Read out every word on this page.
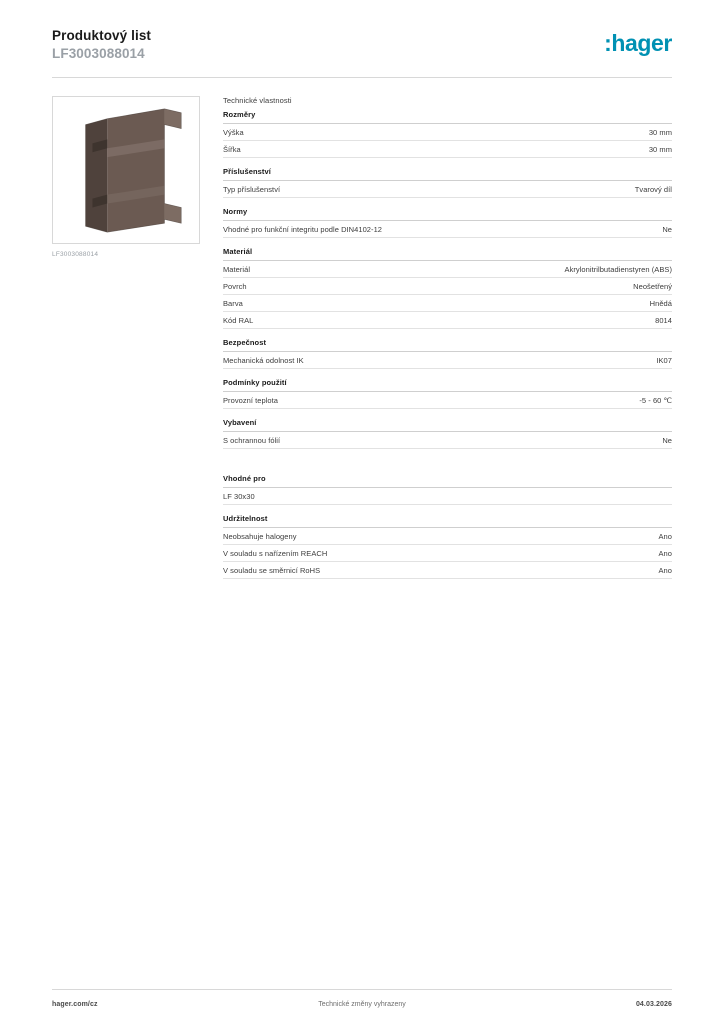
Produktový list
LF3003088014	:hager
LF3003088014
Technické vlastnosti
Rozměry
Výška	30 mm
Šířka	30 mm
Příslušenství
Typ příslušenství	Tvarový díl
Normy
Vhodné pro funkční integritu podle DIN4102-12	Ne
Materiál
Materiál	Akrylonitrilbutadienstyren (ABS)
Povrch	Neošetřený
Barva	Hnědá
Kód RAL	8014
Bezpečnost
Mechanická odolnost IK	IK07
Podmínky použití
Provozní teplota	-5 - 60 ℃
Vybavení
S ochrannou fólií	Ne
Vhodné pro
LF 30x30
Udržitelnost
Neobsahuje halogeny	Ano
V souladu s nařízením REACH	Ano
V souladu se směrnicí RoHS	Ano
hager.com/cz	Technické změny vyhrazeny	04.03.2026
